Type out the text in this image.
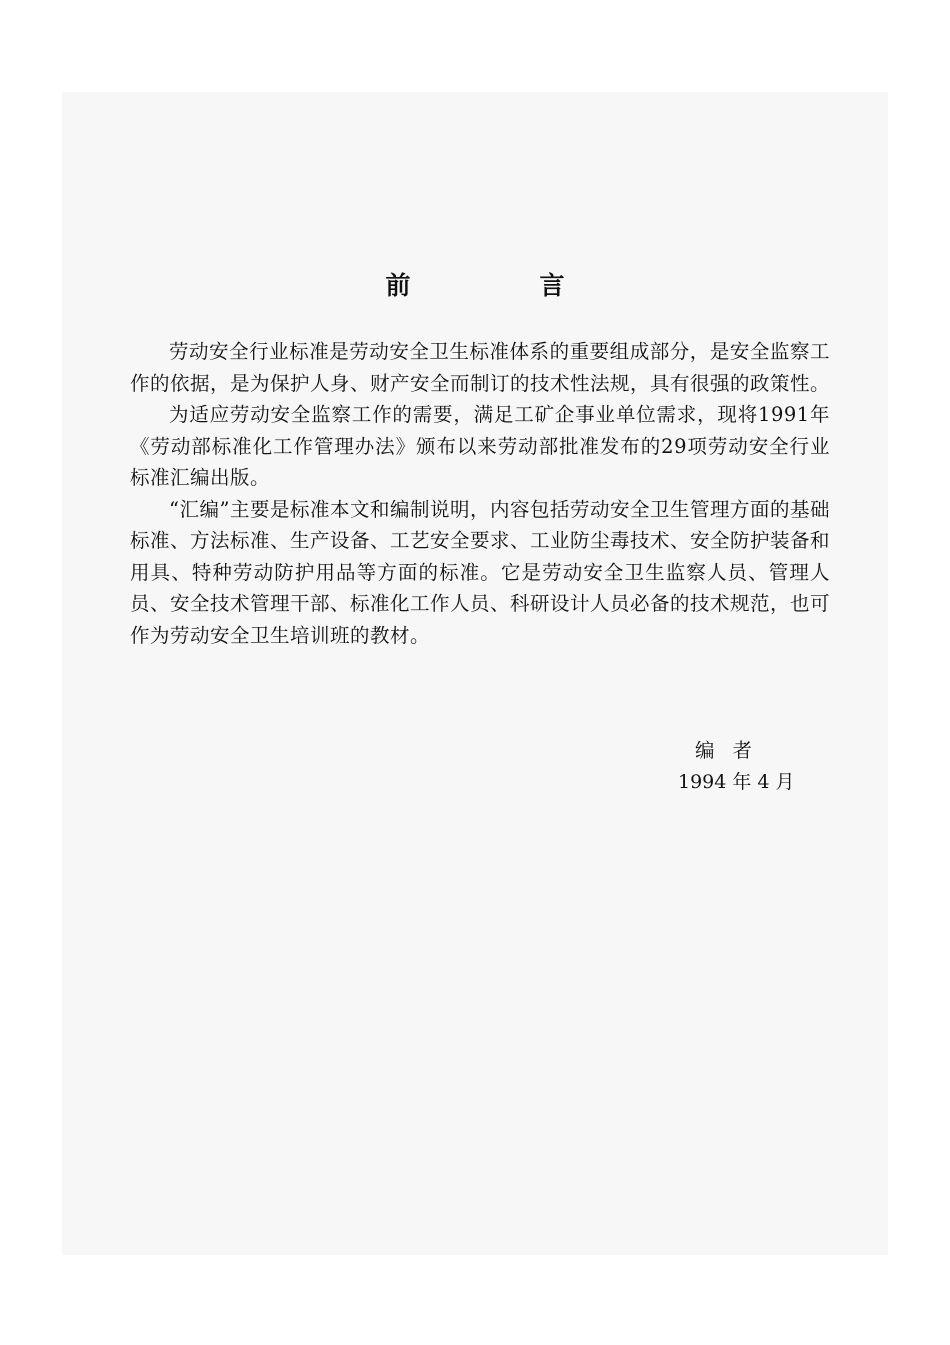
前　言

劳动安全行业标准是劳动安全卫生标准体系的重要组成部分，是安全监察工作的依据，是为保护人身、财产安全而制订的技术性法规，具有很强的政策性。

为适应劳动安全监察工作的需要，满足工矿企事业单位需求，现将1991年《劳动部标准化工作管理办法》颁布以来劳动部批准发布的29项劳动安全行业标准汇编出版。

“汇编”主要是标准本文和编制说明，内容包括劳动安全卫生管理方面的基础标准、方法标准、生产设备、工艺安全要求、工业防尘毒技术、安全防护装备和用具、特种劳动防护用品等方面的标准。它是劳动安全卫生监察人员、管理人员、安全技术管理干部、标准化工作人员、科研设计人员必备的技术规范，也可作为劳动安全卫生培训班的教材。

编者
1994 年 4 月
